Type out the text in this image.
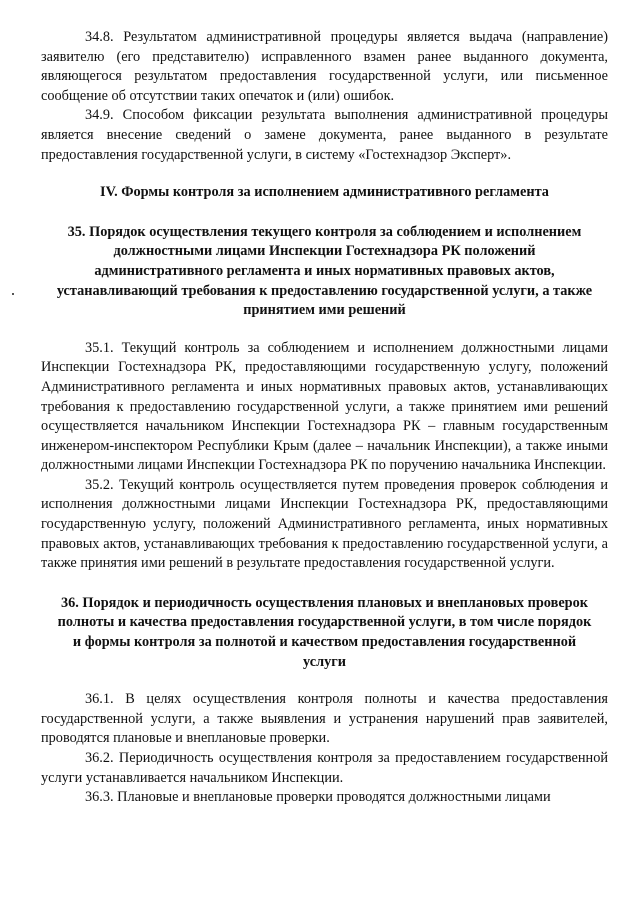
34.8. Результатом административной процедуры является выдача (направление) заявителю (его представителю) исправленного взамен ранее выданного документа, являющегося результатом предоставления государственной услуги, или письменное сообщение об отсутствии таких опечаток и (или) ошибок.

34.9. Способом фиксации результата выполнения административной процедуры является внесение сведений о замене документа, ранее выданного в результате предоставления государственной услуги, в систему «Гостехнадзор Эксперт».

IV. Формы контроля за исполнением административного регламента
35. Порядок осуществления текущего контроля за соблюдением и исполнением должностными лицами Инспекции Гостехнадзора РК положений административного регламента и иных нормативных правовых актов, устанавливающий требования к предоставлению государственной услуги, а также принятием ими решений

35.1. Текущий контроль за соблюдением и исполнением должностными лицами Инспекции Гостехнадзора РК, предоставляющими государственную услугу, положений Административного регламента и иных нормативных правовых актов, устанавливающих требования к предоставлению государственной услуги, а также принятием ими решений осуществляется начальником Инспекции Гостехнадзора РК – главным государственным инженером-инспектором Республики Крым (далее – начальник Инспекции), а также иными должностными лицами Инспекции Гостехнадзора РК по поручению начальника Инспекции.

35.2. Текущий контроль осуществляется путем проведения проверок соблюдения и исполнения должностными лицами Инспекции Гостехнадзора РК, предоставляющими государственную услугу, положений Административного регламента, иных нормативных правовых актов, устанавливающих требования к предоставлению государственной услуги, а также принятия ими решений в результате предоставления государственной услуги.

36. Порядок и периодичность осуществления плановых и внеплановых проверок полноты и качества предоставления государственной услуги, в том числе порядок и формы контроля за полнотой и качеством предоставления государственной услуги

36.1. В целях осуществления контроля полноты и качества предоставления государственной услуги, а также выявления и устранения нарушений прав заявителей, проводятся плановые и внеплановые проверки.

36.2. Периодичность осуществления контроля за предоставлением государственной услуги устанавливается начальником Инспекции.

36.3. Плановые и внеплановые проверки проводятся должностными лицами
